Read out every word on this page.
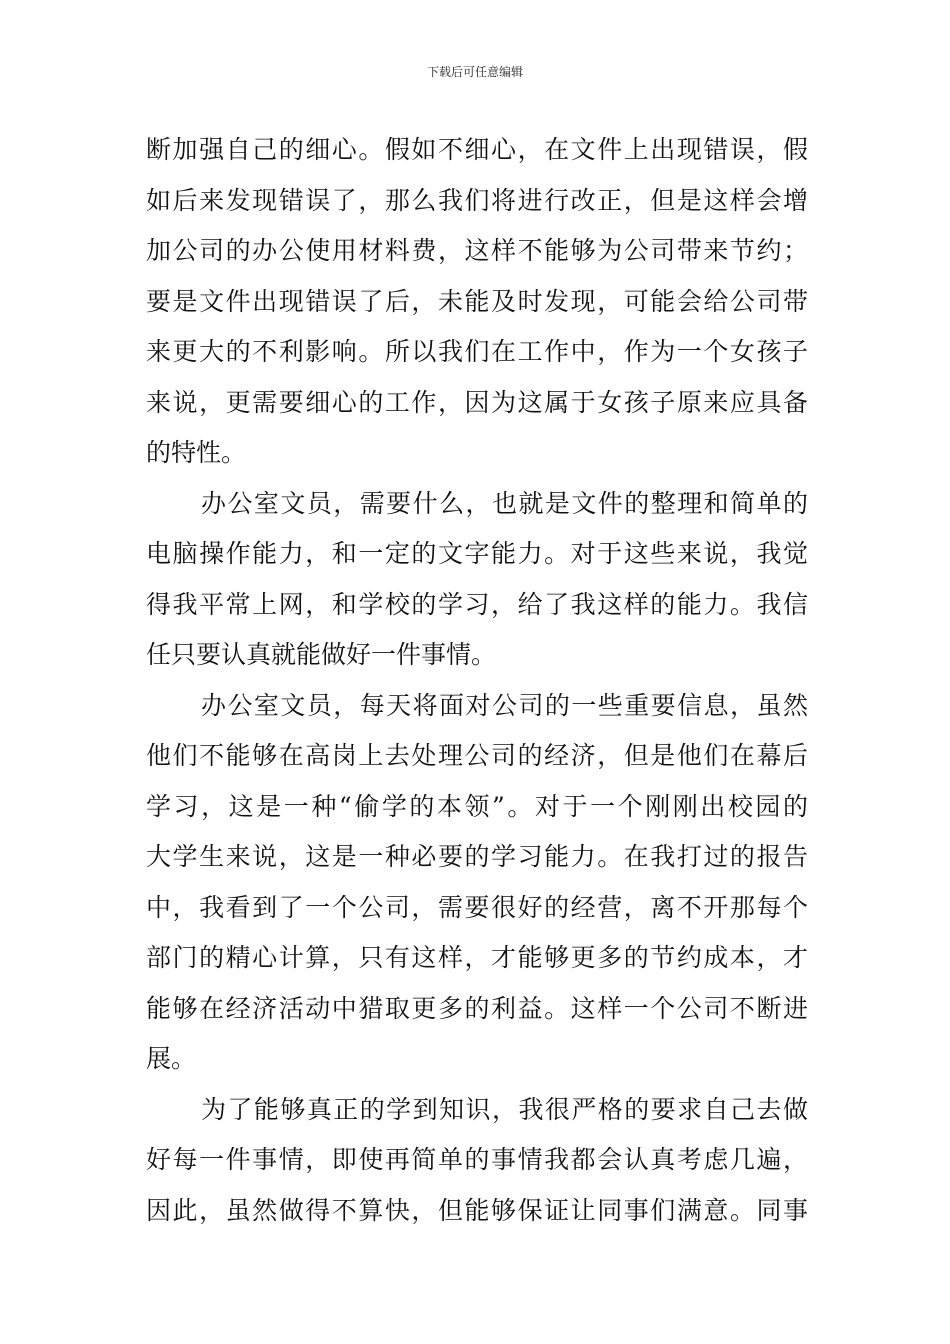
下载后可任意编辑
断加强自己的细心。假如不细心，在文件上出现错误，假
如后来发现错误了，那么我们将进行改正，但是这样会增
加公司的办公使用材料费，这样不能够为公司带来节约；
要是文件出现错误了后，未能及时发现，可能会给公司带
来更大的不利影响。所以我们在工作中，作为一个女孩子
来说，更需要细心的工作，因为这属于女孩子原来应具备
的特性。
办公室文员，需要什么，也就是文件的整理和简单的
电脑操作能力，和一定的文字能力。对于这些来说，我觉
得我平常上网，和学校的学习，给了我这样的能力。我信
任只要认真就能做好一件事情。
办公室文员，每天将面对公司的一些重要信息，虽然
他们不能够在高岗上去处理公司的经济，但是他们在幕后
学习，这是一种“偷学的本领”。对于一个刚刚出校园的
大学生来说，这是一种必要的学习能力。在我打过的报告
中，我看到了一个公司，需要很好的经营，离不开那每个
部门的精心计算，只有这样，才能够更多的节约成本，才
能够在经济活动中猎取更多的利益。这样一个公司不断进
展。
为了能够真正的学到知识，我很严格的要求自己去做
好每一件事情，即使再简单的事情我都会认真考虑几遍，
因此，虽然做得不算快，但能够保证让同事们满意。同事
